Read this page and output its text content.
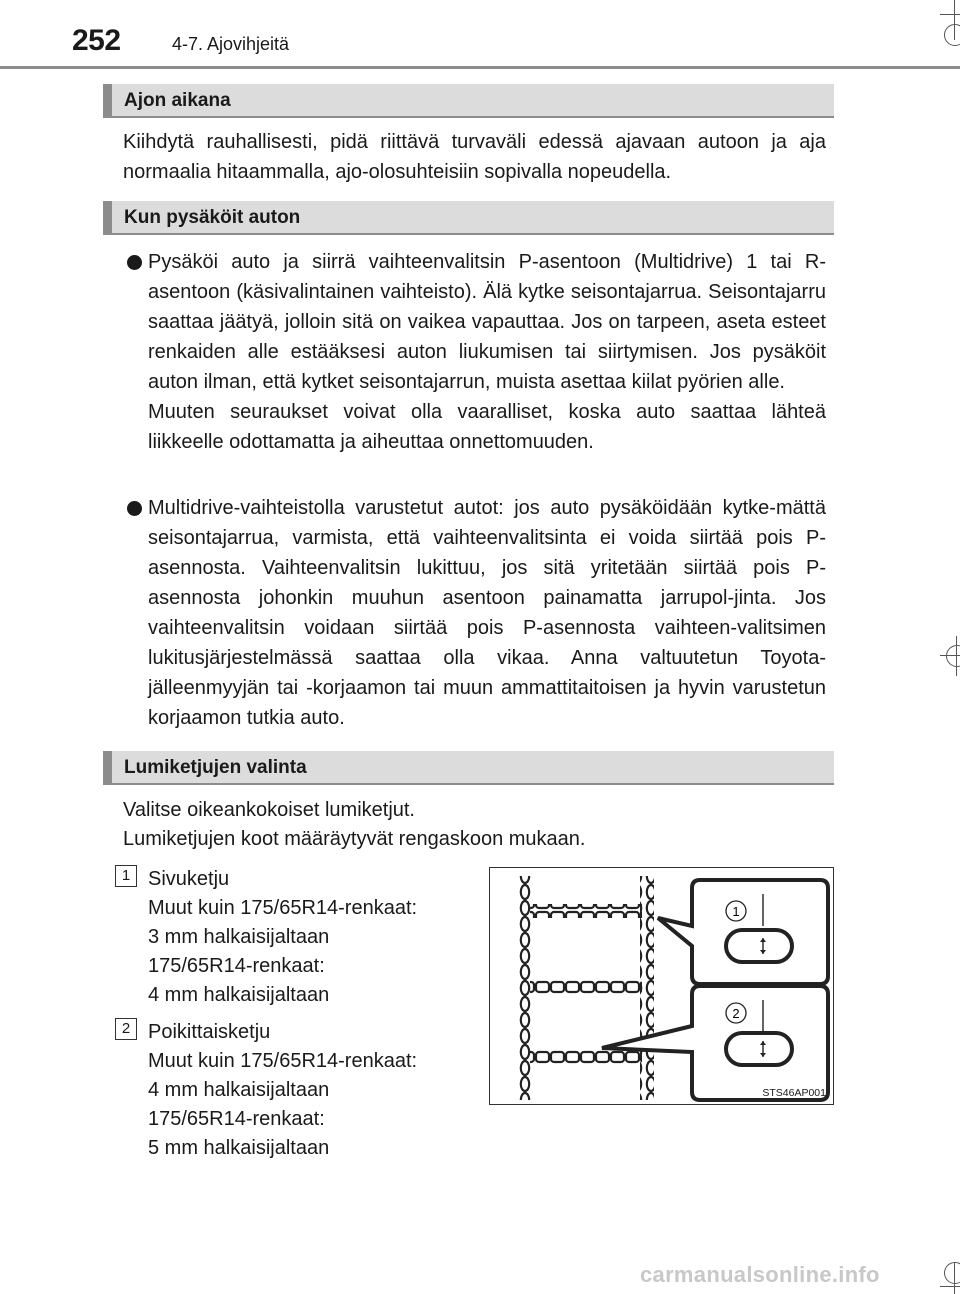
252	4-7. Ajovihjeitä
Ajon aikana
Kiihdytä rauhallisesti, pidä riittävä turvaväli edessä ajavaan autoon ja aja normaalia hitaammalla, ajo-olosuhteisiin sopivalla nopeudella.
Kun pysäköit auton

Pysäköi auto ja siirrä vaihteenvalitsin P-asentoon (Multidrive) 1 tai R-asentoon (käsivalintainen vaihteisto). Älä kytke seisontajarrua. Seisontajarru saattaa jäätyä, jolloin sitä on vaikea vapauttaa. Jos on tarpeen, aseta esteet renkaiden alle estääksesi auton liukumisen tai siirtymisen. Jos pysäköit auton ilman, että kytket seisontajarrun, muista asettaa kiilat pyörien alle.

Muuten seuraukset voivat olla vaaralliset, koska auto saattaa lähteä liikkeelle odottamatta ja aiheuttaa onnettomuuden.

Multidrive-vaihteistolla varustetut autot: jos auto pysäköidään kytke-mättä seisontajarrua, varmista, että vaihteenvalitsinta ei voida siirtää pois P-asennosta. Vaihteenvalitsin lukittuu, jos sitä yritetään siirtää pois P-asennosta johonkin muuhun asentoon painamatta jarrupol-jinta. Jos vaihteenvalitsin voidaan siirtää pois P-asennosta vaihteen-valitsimen lukitusjärjestelmässä saattaa olla vikaa. Anna valtuutetun Toyota-jälleenmyyjän tai -korjaamon tai muun ammattitaitoisen ja hyvin varustetun korjaamon tutkia auto.

Lumiketjujen valinta
Valitse oikeankokoiset lumiketjut.
Lumiketjujen koot määräytyvät rengaskoon mukaan.
1 Sivuketju
Muut kuin 175/65R14-renkaat:
3 mm halkaisijaltaan
175/65R14-renkaat:
4 mm halkaisijaltaan
2 Poikittaisketju
Muut kuin 175/65R14-renkaat:
4 mm halkaisijaltaan
175/65R14-renkaat:
5 mm halkaisijaltaan
1
2
STS46AP001
carmanualsonline.info
